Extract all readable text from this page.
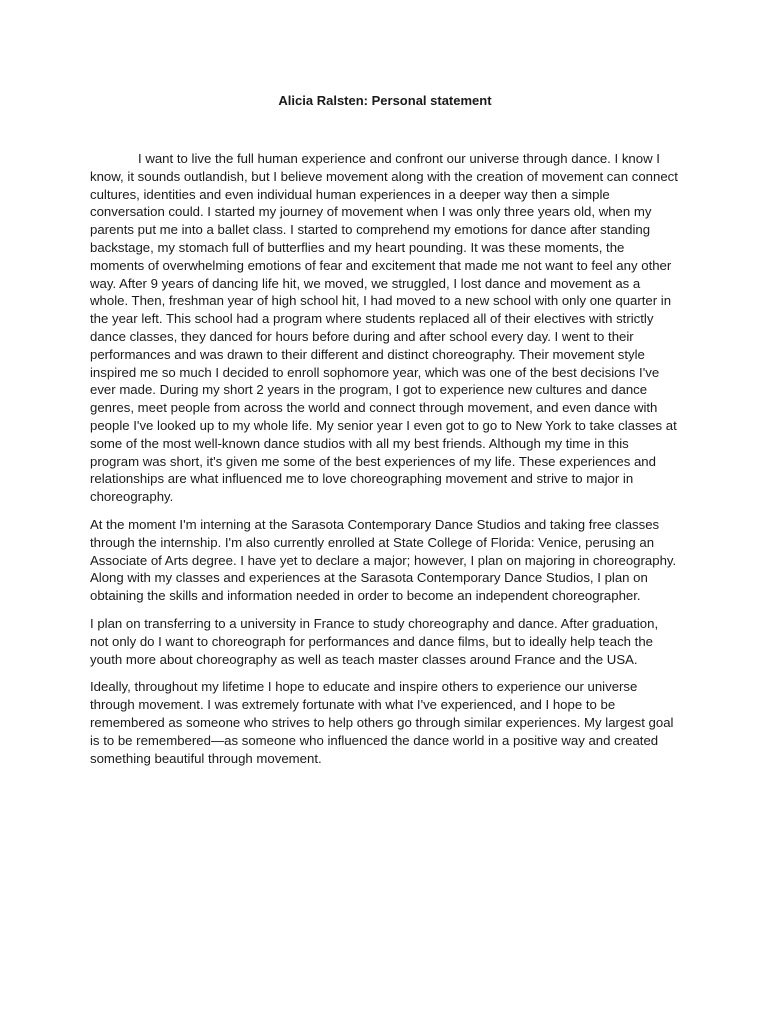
Alicia Ralsten: Personal statement

I want to live the full human experience and confront our universe through dance. I know I know, it sounds outlandish, but I believe movement along with the creation of movement can connect cultures, identities and even individual human experiences in a deeper way then a simple conversation could. I started my journey of movement when I was only three years old, when my parents put me into a ballet class. I started to comprehend my emotions for dance after standing backstage, my stomach full of butterflies and my heart pounding. It was these moments, the moments of overwhelming emotions of fear and excitement that made me not want to feel any other way. After 9 years of dancing life hit, we moved, we struggled, I lost dance and movement as a whole. Then, freshman year of high school hit, I had moved to a new school with only one quarter in the year left. This school had a program where students replaced all of their electives with strictly dance classes, they danced for hours before during and after school every day. I went to their performances and was drawn to their different and distinct choreography. Their movement style inspired me so much I decided to enroll sophomore year, which was one of the best decisions I've ever made. During my short 2 years in the program, I got to experience new cultures and dance genres, meet people from across the world and connect through movement, and even dance with people I've looked up to my whole life. My senior year I even got to go to New York to take classes at some of the most well-known dance studios with all my best friends. Although my time in this program was short, it's given me some of the best experiences of my life. These experiences and relationships are what influenced me to love choreographing movement and strive to major in choreography.

At the moment I'm interning at the Sarasota Contemporary Dance Studios and taking free classes through the internship. I'm also currently enrolled at State College of Florida: Venice, perusing an Associate of Arts degree. I have yet to declare a major; however, I plan on majoring in choreography. Along with my classes and experiences at the Sarasota Contemporary Dance Studios, I plan on obtaining the skills and information needed in order to become an independent choreographer.

I plan on transferring to a university in France to study choreography and dance. After graduation, not only do I want to choreograph for performances and dance films, but to ideally help teach the youth more about choreography as well as teach master classes around France and the USA.

Ideally, throughout my lifetime I hope to educate and inspire others to experience our universe through movement. I was extremely fortunate with what I've experienced, and I hope to be remembered as someone who strives to help others go through similar experiences. My largest goal is to be remembered—as someone who influenced the dance world in a positive way and created something beautiful through movement.
